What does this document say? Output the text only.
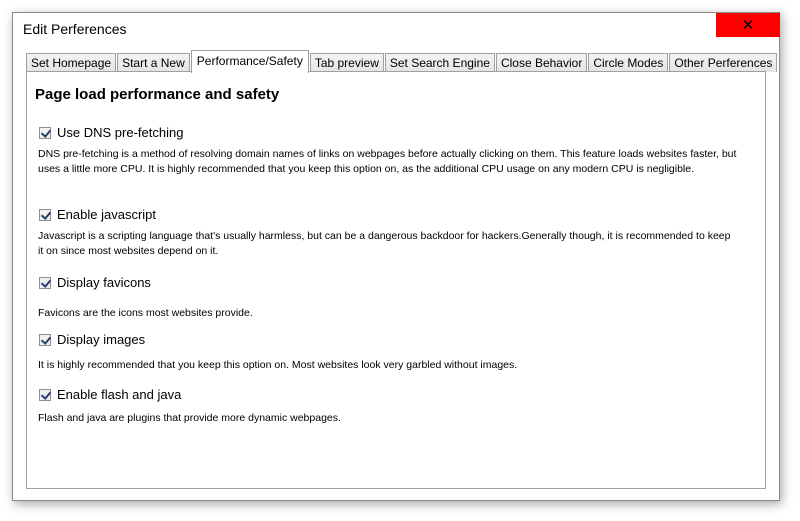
Edit Perferences	✕
Set Homepage Start a New	Performance/Safety	Tab preview Set Search Engine Close Behavior Circle Modes Other Perferences
Page load performance and safety
Use DNS pre-fetching
DNS pre-fetching is a method of resolving domain names of links on webpages before actually clicking on them. This feature loads websites faster, but uses a little more CPU. It is highly recommended that you keep this option on, as the additional CPU usage on any modern CPU is negligible.
Enable javascript
Javascript is a scripting language that's usually harmless, but can be a dangerous backdoor for hackers.Generally though, it is recommended to keep it on since most websites depend on it.
Display favicons
Favicons are the icons most websites provide.
Display images
It is highly recommended that you keep this option on. Most websites look very garbled without images.
Enable flash and java
Flash and java are plugins that provide more dynamic webpages.
